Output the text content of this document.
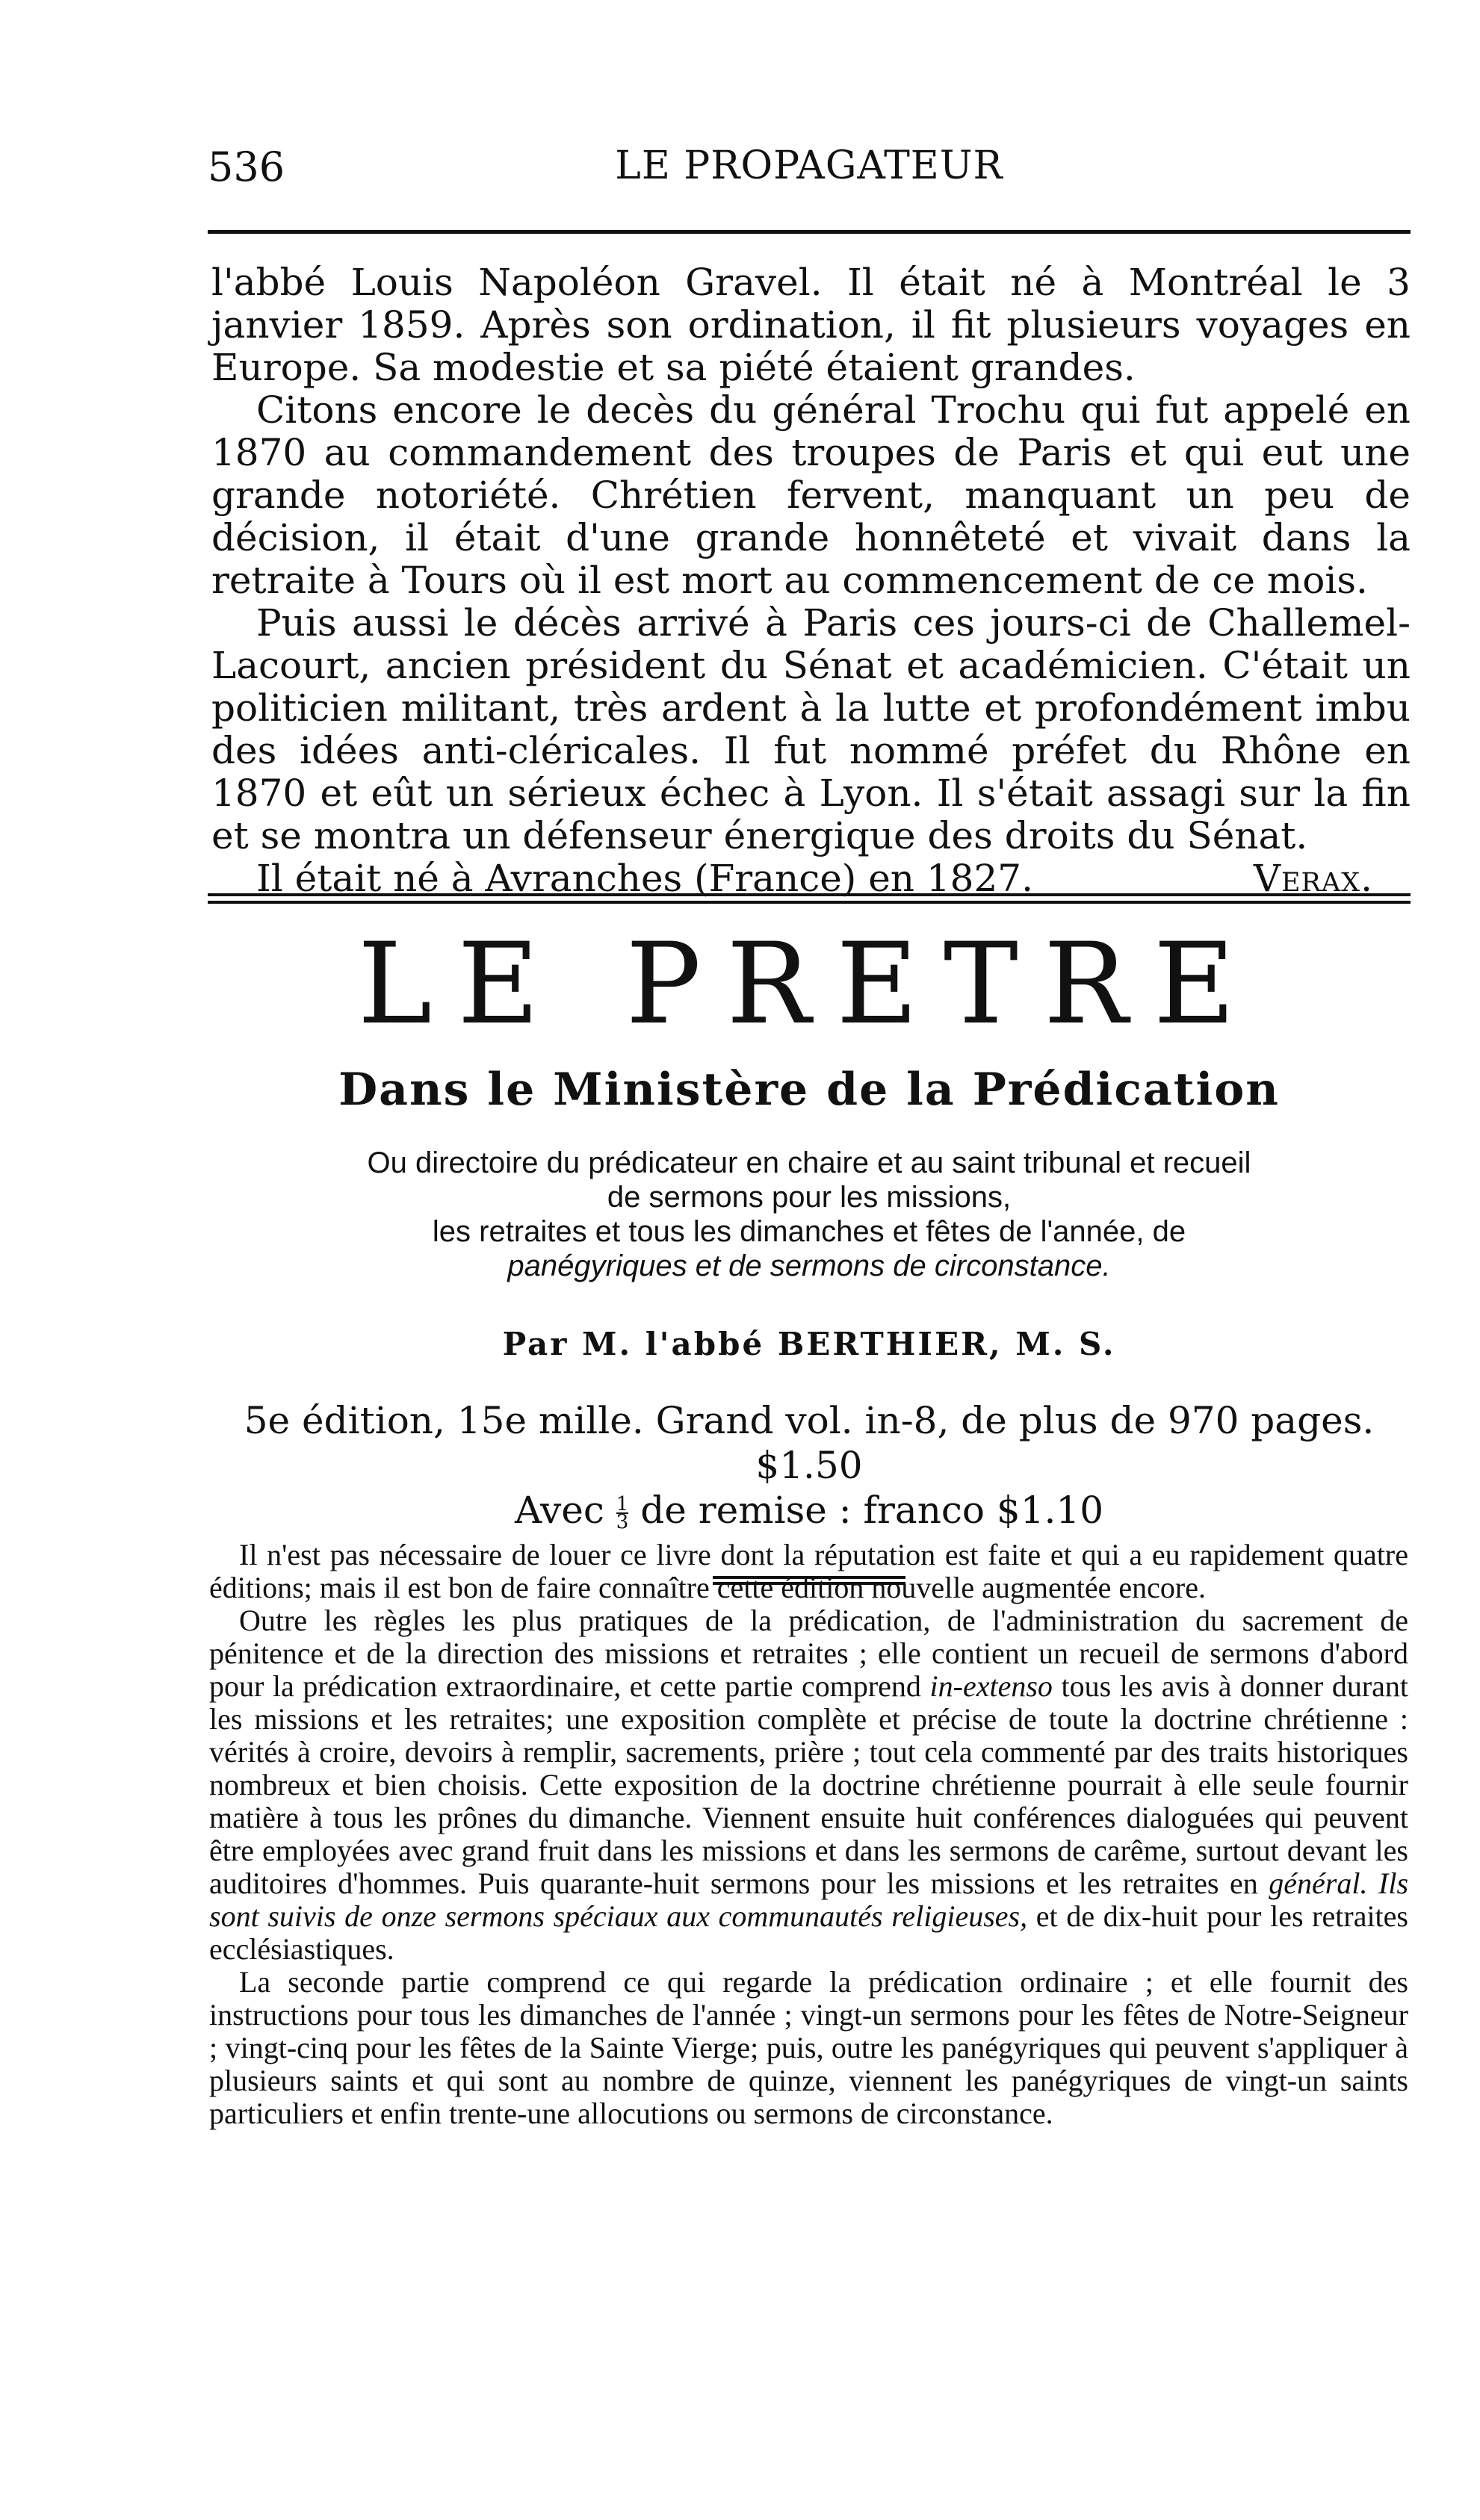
536	LE PROPAGATEUR

l'abbé Louis Napoléon Gravel. Il était né à Montréal le 3 janvier 1859. Après son ordination, il fit plusieurs voyages en Europe. Sa modestie et sa piété étaient grandes.

Citons encore le decès du général Trochu qui fut appelé en 1870 au commandement des troupes de Paris et qui eut une grande notoriété. Chrétien fervent, manquant un peu de décision, il était d'une grande honnêteté et vivait dans la retraite à Tours où il est mort au commencement de ce mois.

Puis aussi le décès arrivé à Paris ces jours-ci de Challemel-Lacourt, ancien président du Sénat et académicien. C'était un politicien militant, très ardent à la lutte et profondément imbu des idées anti-cléricales. Il fut nommé préfet du Rhône en 1870 et eût un sérieux échec à Lyon. Il s'était assagi sur la fin et se montra un défenseur énergique des droits du Sénat.

Il était né à Avranches (France) en 1827.	Verax.
LE PRETRE
Dans le Ministère de la Prédication
Ou directoire du prédicateur en chaire et au saint tribunal et recueil
de sermons pour les missions,
les retraites et tous les dimanches et fêtes de l'année, de
panégyriques et de sermons de circonstance.
Par M. l'abbé BERTHIER, M. S.
5e édition, 15e mille. Grand vol. in-8, de plus de 970 pages. $1.50
Avec $\frac{1}{3}$ de remise : franco $1.10

Il n'est pas nécessaire de louer ce livre dont la réputation est faite et qui a eu rapidement quatre éditions; mais il est bon de faire connaître cette édition nouvelle augmentée encore.

Outre les règles les plus pratiques de la prédication, de l'administration du sacrement de pénitence et de la direction des missions et retraites ; elle contient un recueil de sermons d'abord pour la prédication extraordinaire, et cette partie comprend in-extenso tous les avis à donner durant les missions et les retraites; une exposition complète et précise de toute la doctrine chrétienne : vérités à croire, devoirs à remplir, sacrements, prière ; tout cela commenté par des traits historiques nombreux et bien choisis. Cette exposition de la doctrine chrétienne pourrait à elle seule fournir matière à tous les prônes du dimanche. Viennent ensuite huit conférences dialoguées qui peuvent être employées avec grand fruit dans les missions et dans les sermons de carême, surtout devant les auditoires d'hommes. Puis quarante-huit sermons pour les missions et les retraites en général. Ils sont suivis de onze sermons spéciaux aux communautés religieuses, et de dix-huit pour les retraites ecclésiastiques.

La seconde partie comprend ce qui regarde la prédication ordinaire ; et elle fournit des instructions pour tous les dimanches de l'année ; vingt-un sermons pour les fêtes de Notre-Seigneur ; vingt-cinq pour les fêtes de la Sainte Vierge; puis, outre les panégyriques qui peuvent s'appliquer à plusieurs saints et qui sont au nombre de quinze, viennent les panégyriques de vingt-un saints particuliers et enfin trente-une allocutions ou sermons de circonstance.
